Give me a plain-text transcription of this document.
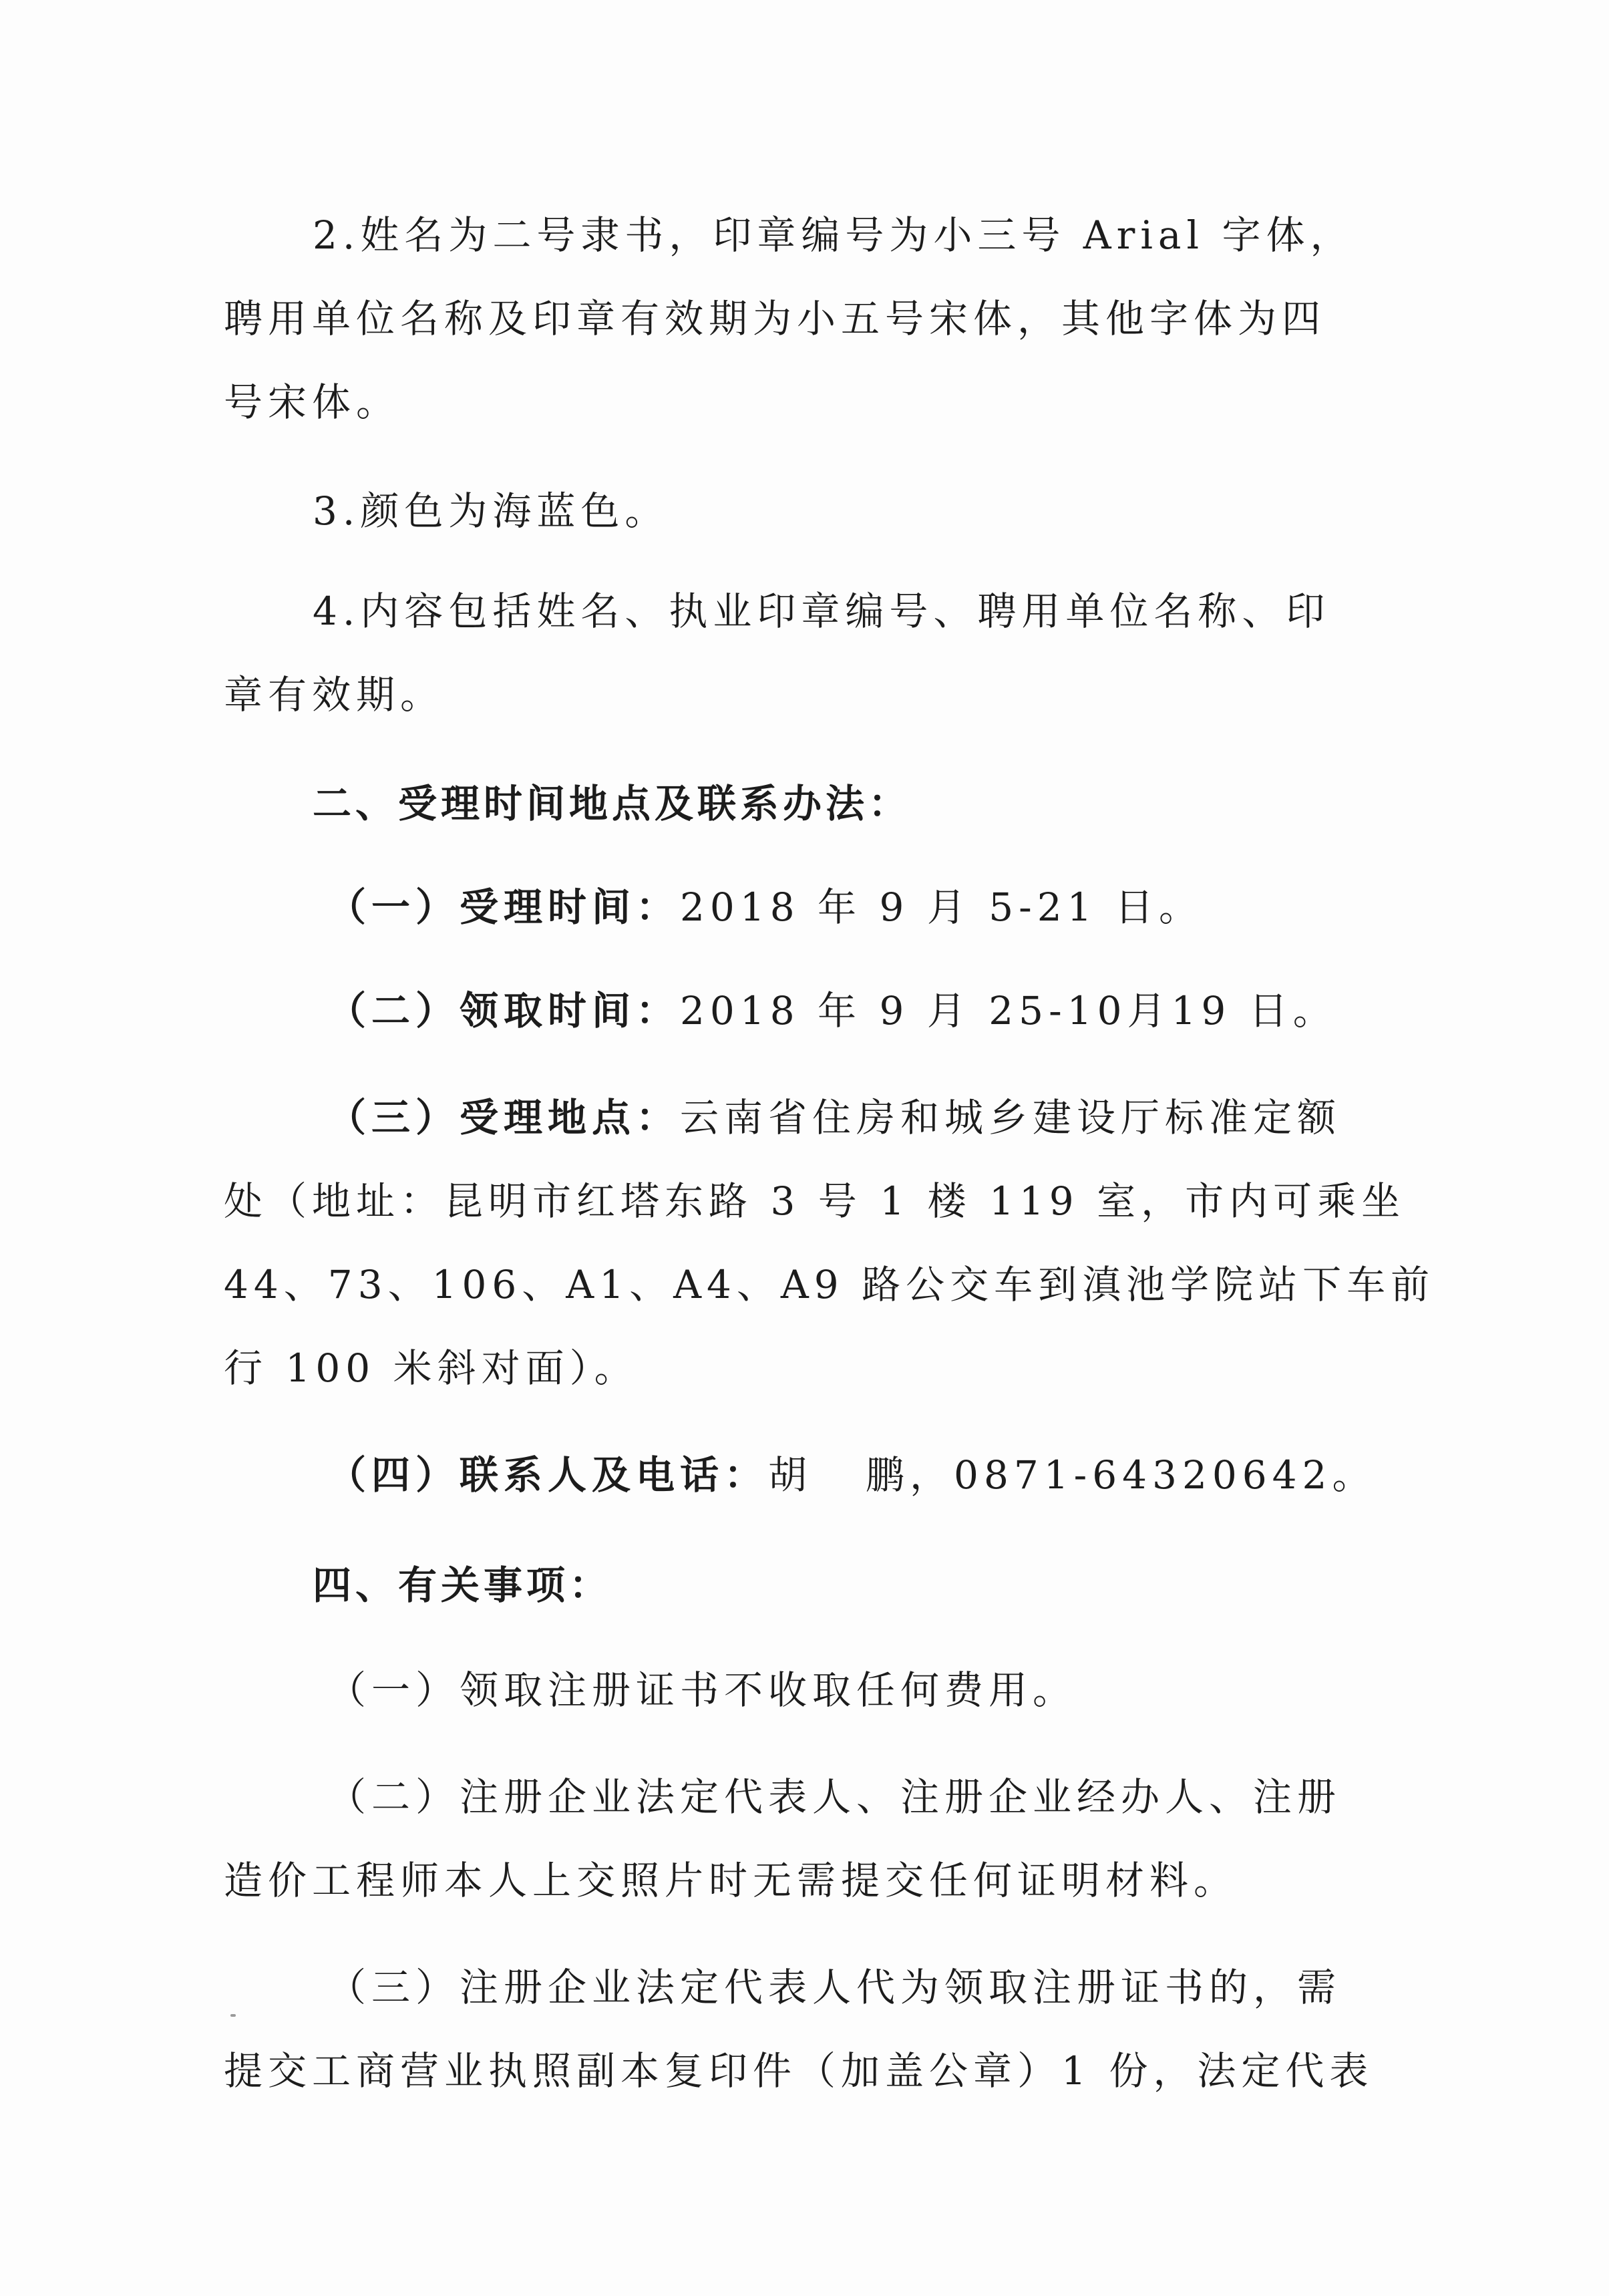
2.姓名为二号隶书，印章编号为小三号 Arial 字体，
聘用单位名称及印章有效期为小五号宋体，其他字体为四
号宋体。
3.颜色为海蓝色。
4.内容包括姓名、执业印章编号、聘用单位名称、印
章有效期。
二、受理时间地点及联系办法：
（一）受理时间：2018 年 9 月 5-21 日。
（二）领取时间：2018 年 9 月 25-10月19 日。
（三）受理地点：云南省住房和城乡建设厅标准定额
处（地址：昆明市红塔东路 3 号 1 楼 119 室，市内可乘坐
44、73、106、A1、A4、A9 路公交车到滇池学院站下车前
行 100 米斜对面）。
（四）联系人及电话：胡 鹏，0871-64320642。
四、有关事项：
（一）领取注册证书不收取任何费用。
（二）注册企业法定代表人、注册企业经办人、注册
造价工程师本人上交照片时无需提交任何证明材料。
（三）注册企业法定代表人代为领取注册证书的，需
提交工商营业执照副本复印件（加盖公章）1 份，法定代表
